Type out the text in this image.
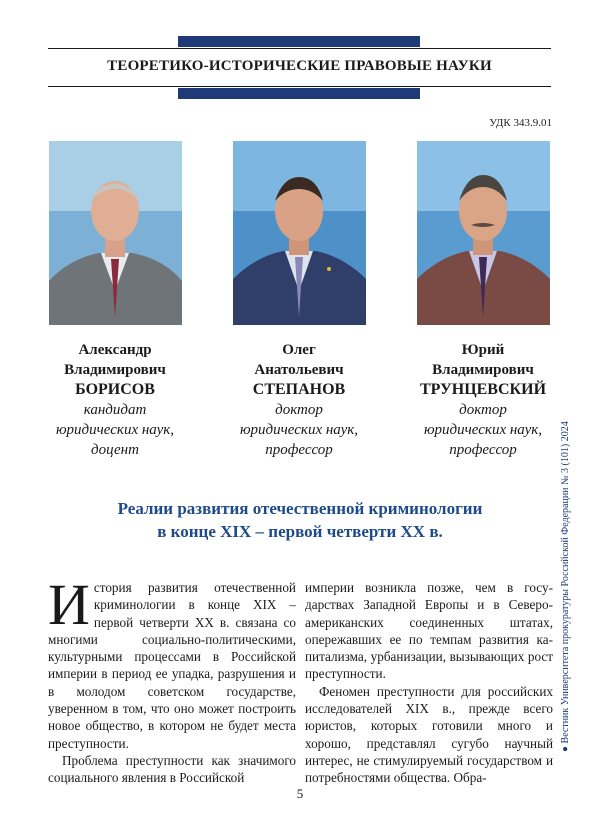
ТЕОРЕТИКО-ИСТОРИЧЕСКИЕ ПРАВОВЫЕ НАУКИ
УДК 343.9.01
Александр
Владимирович
БОРИСОВ
кандидат
юридических наук,
доцент
Олег
Анатольевич
СТЕПАНОВ
доктор
юридических наук,
профессор
Юрий
Владимирович
ТРУНЦЕВСКИЙ
доктор
юридических наук,
профессор
Реалии развития отечественной криминологии
в конце XIX – первой четверти XX в.

История развития отечественной криминологии в конце XIX – первой четверти XX в. связана со многими социально-политическими, культурными процессами в Российской империи в период ее упадка, разрушения и в молодом советском государстве, уверенном в том, что оно может построить новое общество, в котором не будет места преступности.

Проблема преступности как значимого социального явления в Российской

империи возникла позже, чем в государствах Западной Европы и в Североамериканских соединенных штатах, опережавших ее по темпам развития капитализма, урбанизации, вызывающих рост преступности.

Феномен преступности для российских исследователей XIX в., прежде всего юристов, которых готовили много и хорошо, представлял сугубо научный интерес, не стимулируемый государством и потребностями общества. Обра-

● Вестник Университета прокуратуры Российской Федерации № 3 (101) 2024
5
